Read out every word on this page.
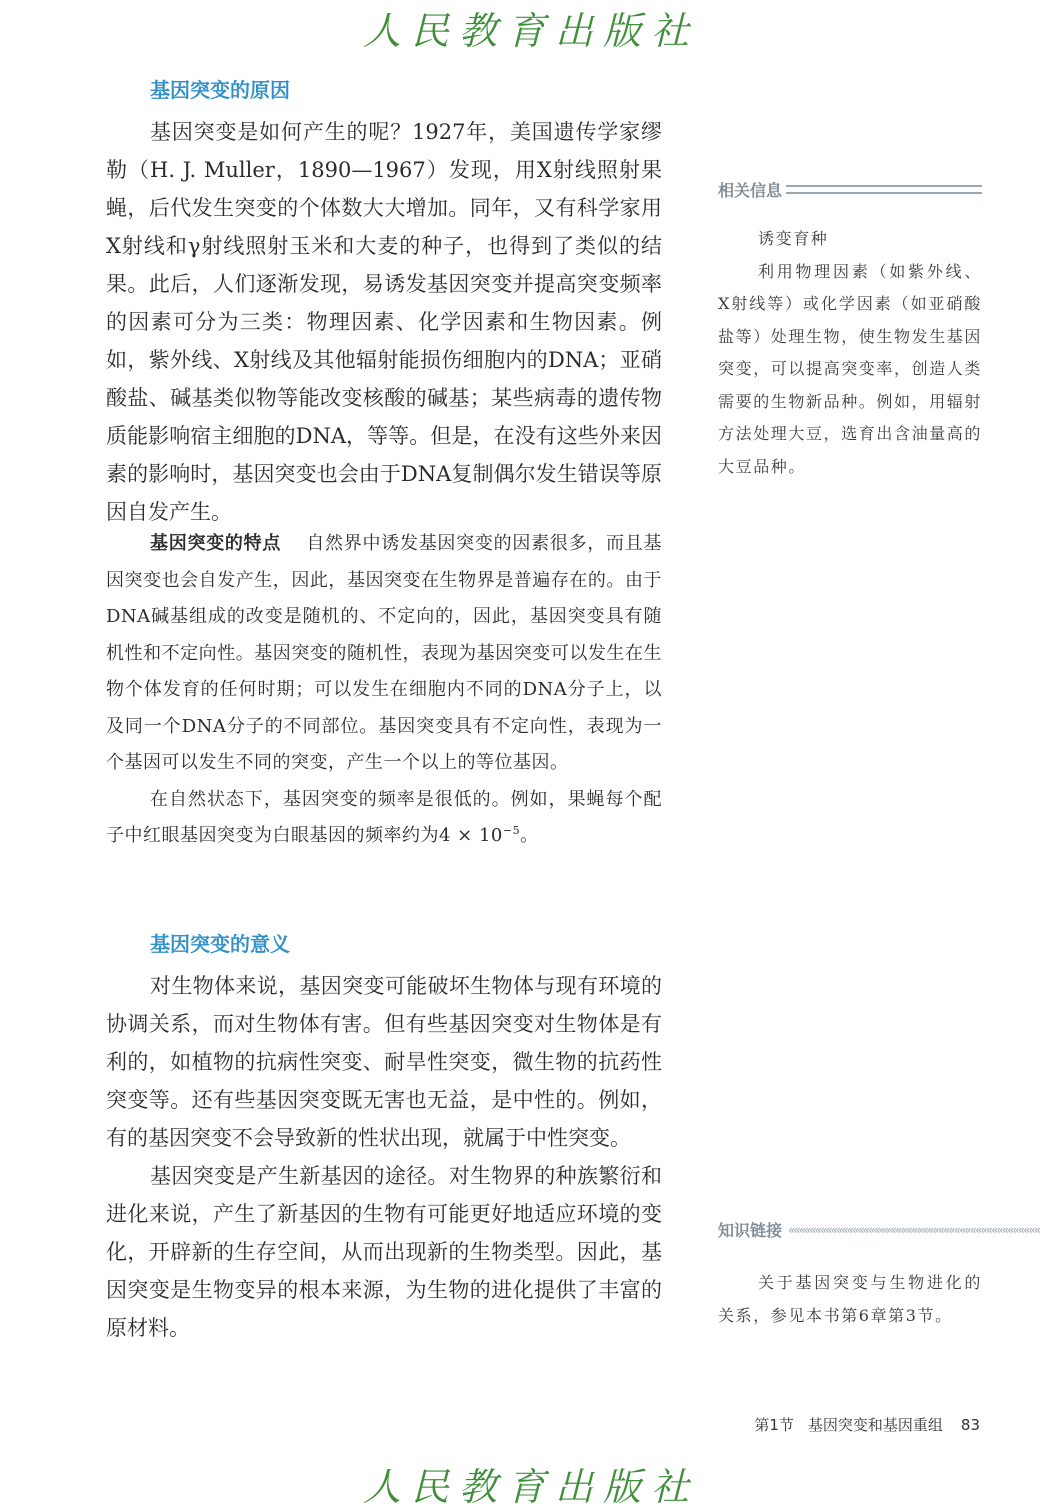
人民教育出版社
基因突变的原因

基因突变是如何产生的呢？1927年，美国遗传学家缪勒（H. J. Muller，1890—1967）发现，用X射线照射果蝇，后代发生突变的个体数大大增加。同年，又有科学家用X射线和γ射线照射玉米和大麦的种子，也得到了类似的结果。此后，人们逐渐发现，易诱发基因突变并提高突变频率的因素可分为三类：物理因素、化学因素和生物因素。例如，紫外线、X射线及其他辐射能损伤细胞内的DNA；亚硝酸盐、碱基类似物等能改变核酸的碱基；某些病毒的遗传物质能影响宿主细胞的DNA，等等。但是，在没有这些外来因素的影响时，基因突变也会由于DNA复制偶尔发生错误等原因自发产生。

基因突变的特点　 自然界中诱发基因突变的因素很多，而且基因突变也会自发产生，因此，基因突变在生物界是普遍存在的。由于DNA碱基组成的改变是随机的、不定向的，因此，基因突变具有随机性和不定向性。基因突变的随机性，表现为基因突变可以发生在生物个体发育的任何时期；可以发生在细胞内不同的DNA分子上，以及同一个DNA分子的不同部位。基因突变具有不定向性，表现为一个基因可以发生不同的突变，产生一个以上的等位基因。

在自然状态下，基因突变的频率是很低的。例如，果蝇每个配子中红眼基因突变为白眼基因的频率约为$4 \times 10^{-5}$。

基因突变的意义

对生物体来说，基因突变可能破坏生物体与现有环境的协调关系，而对生物体有害。但有些基因突变对生物体是有利的，如植物的抗病性突变、耐旱性突变，微生物的抗药性突变等。还有些基因突变既无害也无益，是中性的。例如，有的基因突变不会导致新的性状出现，就属于中性突变。

基因突变是产生新基因的途径。对生物界的种族繁衍和进化来说，产生了新基因的生物有可能更好地适应环境的变化，开辟新的生存空间，从而出现新的生物类型。因此，基因突变是生物变异的根本来源，为生物的进化提供了丰富的原材料。

相关信息

诱变育种

利用物理因素（如紫外线、X射线等）或化学因素（如亚硝酸盐等）处理生物，使生物发生基因突变，可以提高突变率，创造人类需要的生物新品种。例如，用辐射方法处理大豆，选育出含油量高的大豆品种。

知识链接 «««««««««««««««««««««««««««««««««««««««««««««««

关于基因突变与生物进化的关系，参见本书第6章第3节。

第1节 基因突变和基因重组 83
人民教育出版社
